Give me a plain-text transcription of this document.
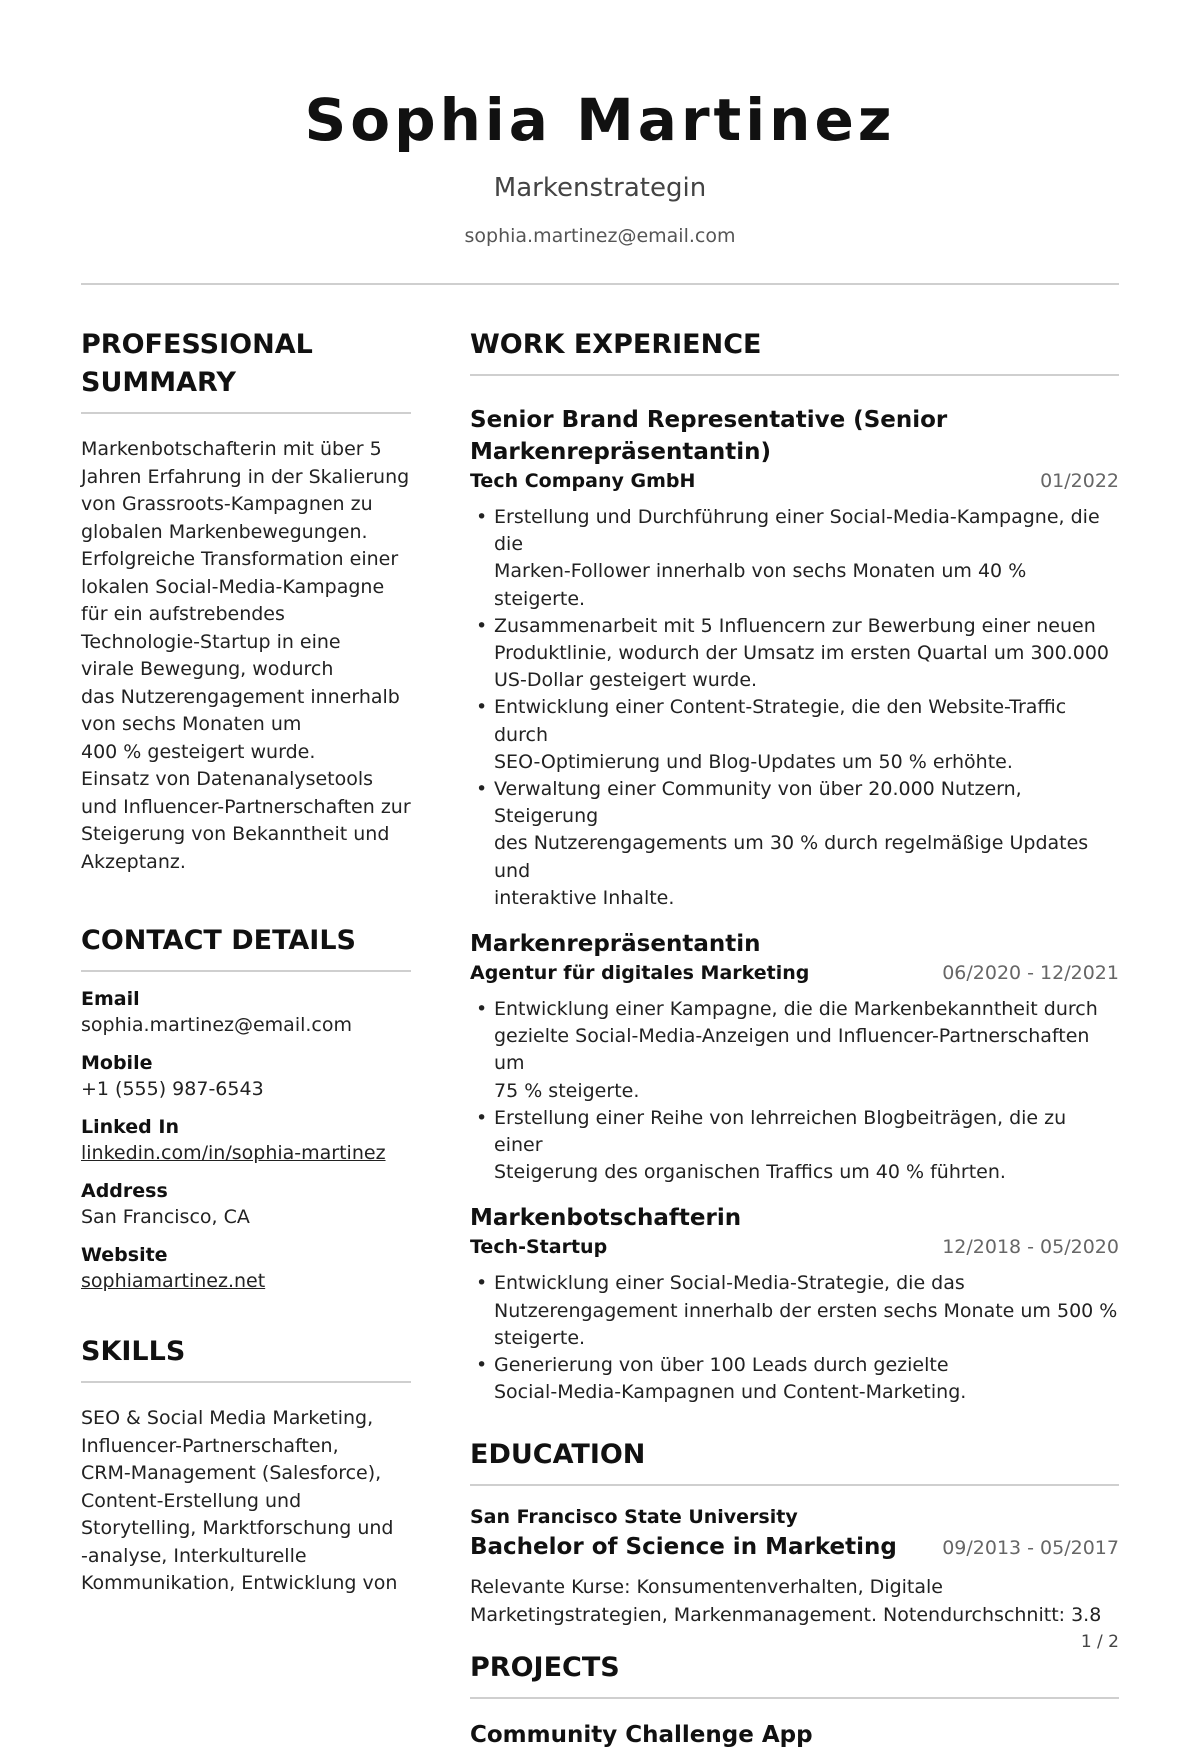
Sophia Martinez
Markenstrategin
sophia.martinez@email.com
PROFESSIONAL
SUMMARY
Markenbotschafterin mit über 5
Jahren Erfahrung in der Skalierung
von Grassroots-Kampagnen zu
globalen Markenbewegungen.
Erfolgreiche Transformation einer
lokalen Social-Media-Kampagne
für ein aufstrebendes
Technologie-Startup in eine
virale Bewegung, wodurch
das Nutzerengagement innerhalb
von sechs Monaten um
400 % gesteigert wurde.
Einsatz von Datenanalysetools
und Influencer-Partnerschaften zur
Steigerung von Bekanntheit und
Akzeptanz.
CONTACT DETAILS
Email
sophia.martinez@email.com
Mobile
+1 (555) 987-6543
Linked In
linkedin.com/in/sophia-martinez
Address
San Francisco, CA
Website
sophiamartinez.net
SKILLS
SEO & Social Media Marketing,
Influencer-Partnerschaften,
CRM-Management (Salesforce),
Content-Erstellung und
Storytelling, Marktforschung und
-analyse, Interkulturelle
Kommunikation, Entwicklung von
WORK EXPERIENCE
Senior Brand Representative (Senior
Markenrepräsentantin)
Tech Company GmbH	01/2022
• Erstellung und Durchführung einer Social-Media-Kampagne, die die
Marken-Follower innerhalb von sechs Monaten um 40 % steigerte.
• Zusammenarbeit mit 5 Influencern zur Bewerbung einer neuen
Produktlinie, wodurch der Umsatz im ersten Quartal um 300.000
US-Dollar gesteigert wurde.
• Entwicklung einer Content-Strategie, die den Website-Traffic durch
SEO-Optimierung und Blog-Updates um 50 % erhöhte.
• Verwaltung einer Community von über 20.000 Nutzern, Steigerung
des Nutzerengagements um 30 % durch regelmäßige Updates und
interaktive Inhalte.
Markenrepräsentantin
Agentur für digitales Marketing	06/2020 - 12/2021
• Entwicklung einer Kampagne, die die Markenbekanntheit durch
gezielte Social-Media-Anzeigen und Influencer-Partnerschaften um
75 % steigerte.
• Erstellung einer Reihe von lehrreichen Blogbeiträgen, die zu einer
Steigerung des organischen Traffics um 40 % führten.
Markenbotschafterin
Tech-Startup	12/2018 - 05/2020
• Entwicklung einer Social-Media-Strategie, die das
Nutzerengagement innerhalb der ersten sechs Monate um 500 %
steigerte.
• Generierung von über 100 Leads durch gezielte
Social-Media-Kampagnen und Content-Marketing.
EDUCATION
San Francisco State University
Bachelor of Science in Marketing 09/2013 - 05/2017
Relevante Kurse: Konsumentenverhalten, Digitale
Marketingstrategien, Markenmanagement. Notendurchschnitt: 3.8
PROJECTS
Community Challenge App
1 / 2
